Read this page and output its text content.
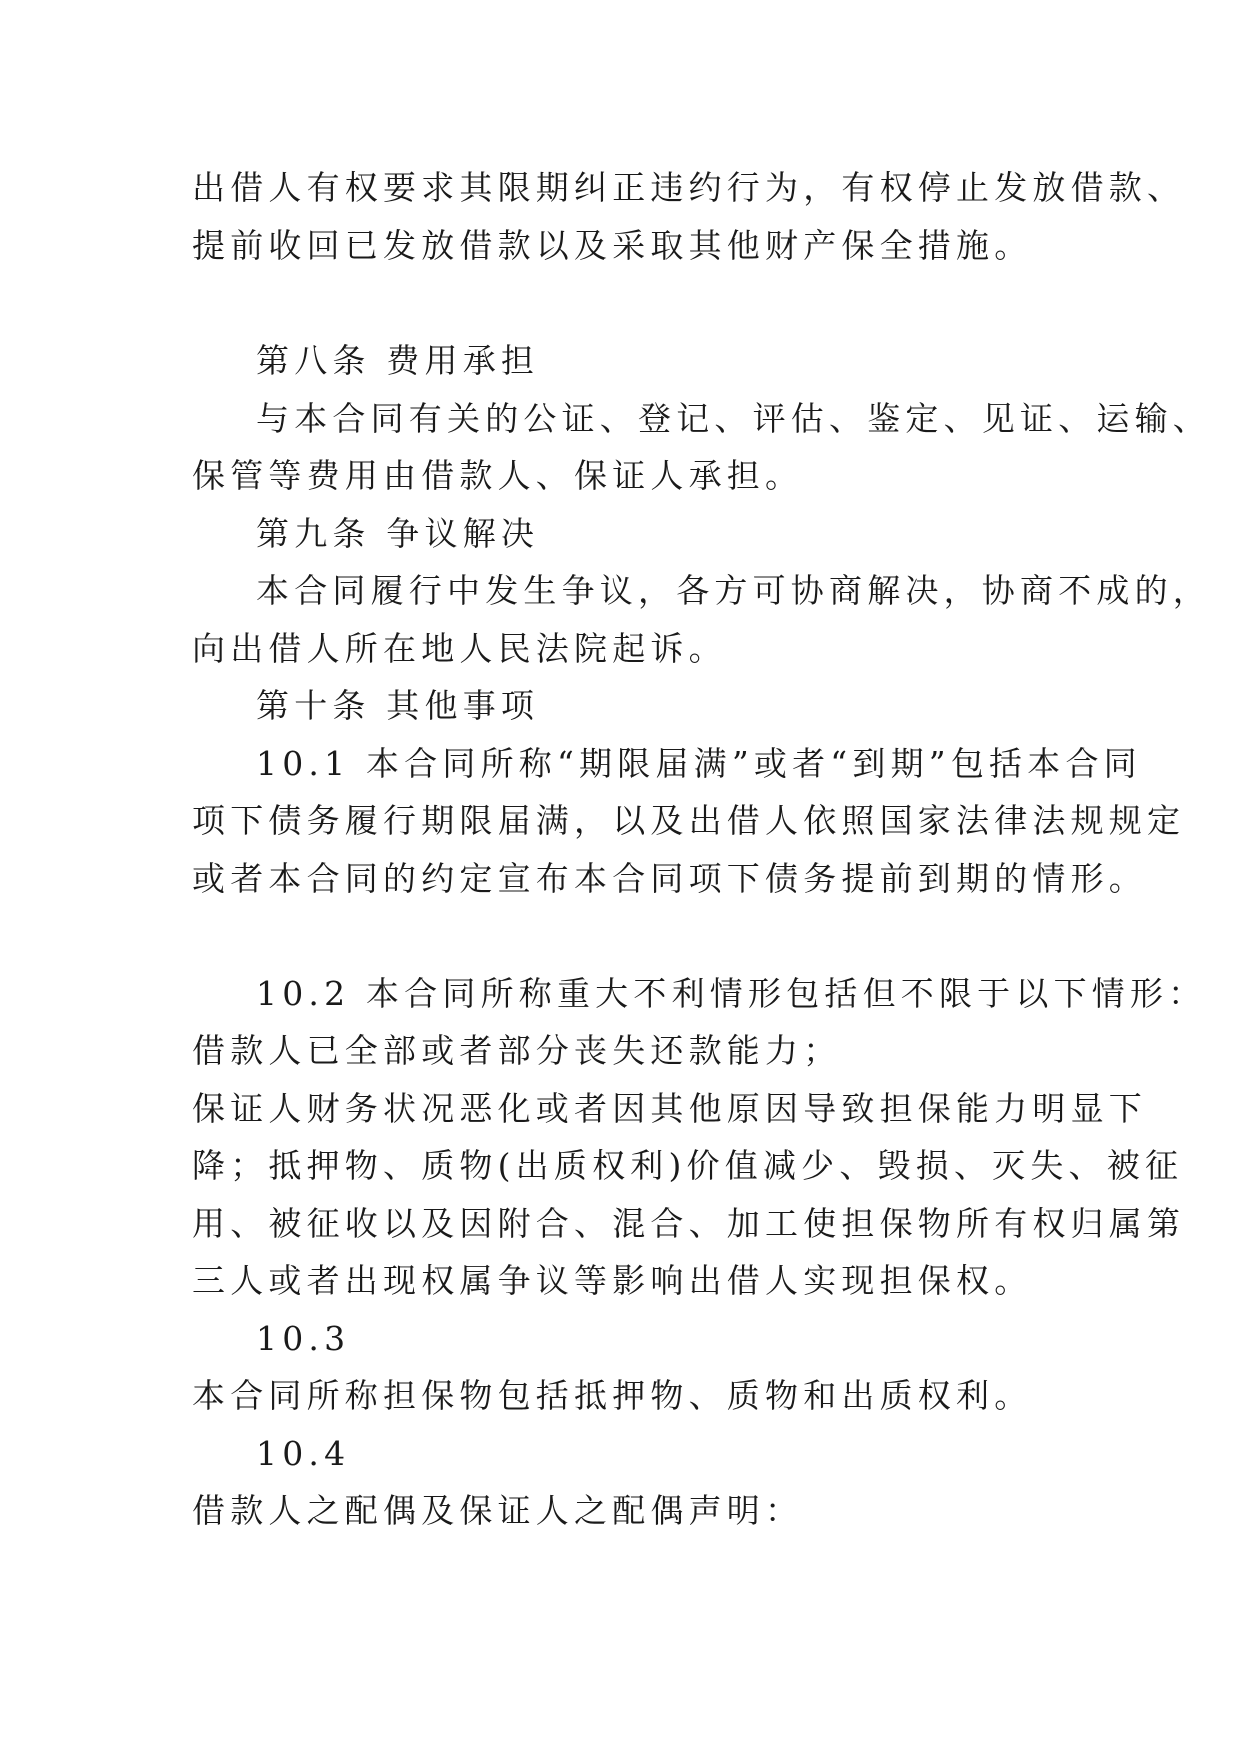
出借人有权要求其限期纠正违约行为，有权停止发放借款、

提前收回已发放借款以及采取其他财产保全措施。

第八条 费用承担

与本合同有关的公证、登记、评估、鉴定、见证、运输、

保管等费用由借款人、保证人承担。

第九条 争议解决

本合同履行中发生争议，各方可协商解决，协商不成的，

向出借人所在地人民法院起诉。

第十条 其他事项

10.1 本合同所称“期限届满”或者“到期”包括本合同

项下债务履行期限届满，以及出借人依照国家法律法规规定

或者本合同的约定宣布本合同项下债务提前到期的情形。

10.2 本合同所称重大不利情形包括但不限于以下情形：

借款人已全部或者部分丧失还款能力；

保证人财务状况恶化或者因其他原因导致担保能力明显下

降；抵押物、质物(出质权利)价值减少、毁损、灭失、被征

用、被征收以及因附合、混合、加工使担保物所有权归属第

三人或者出现权属争议等影响出借人实现担保权。

10.3

本合同所称担保物包括抵押物、质物和出质权利。

10.4

借款人之配偶及保证人之配偶声明：
